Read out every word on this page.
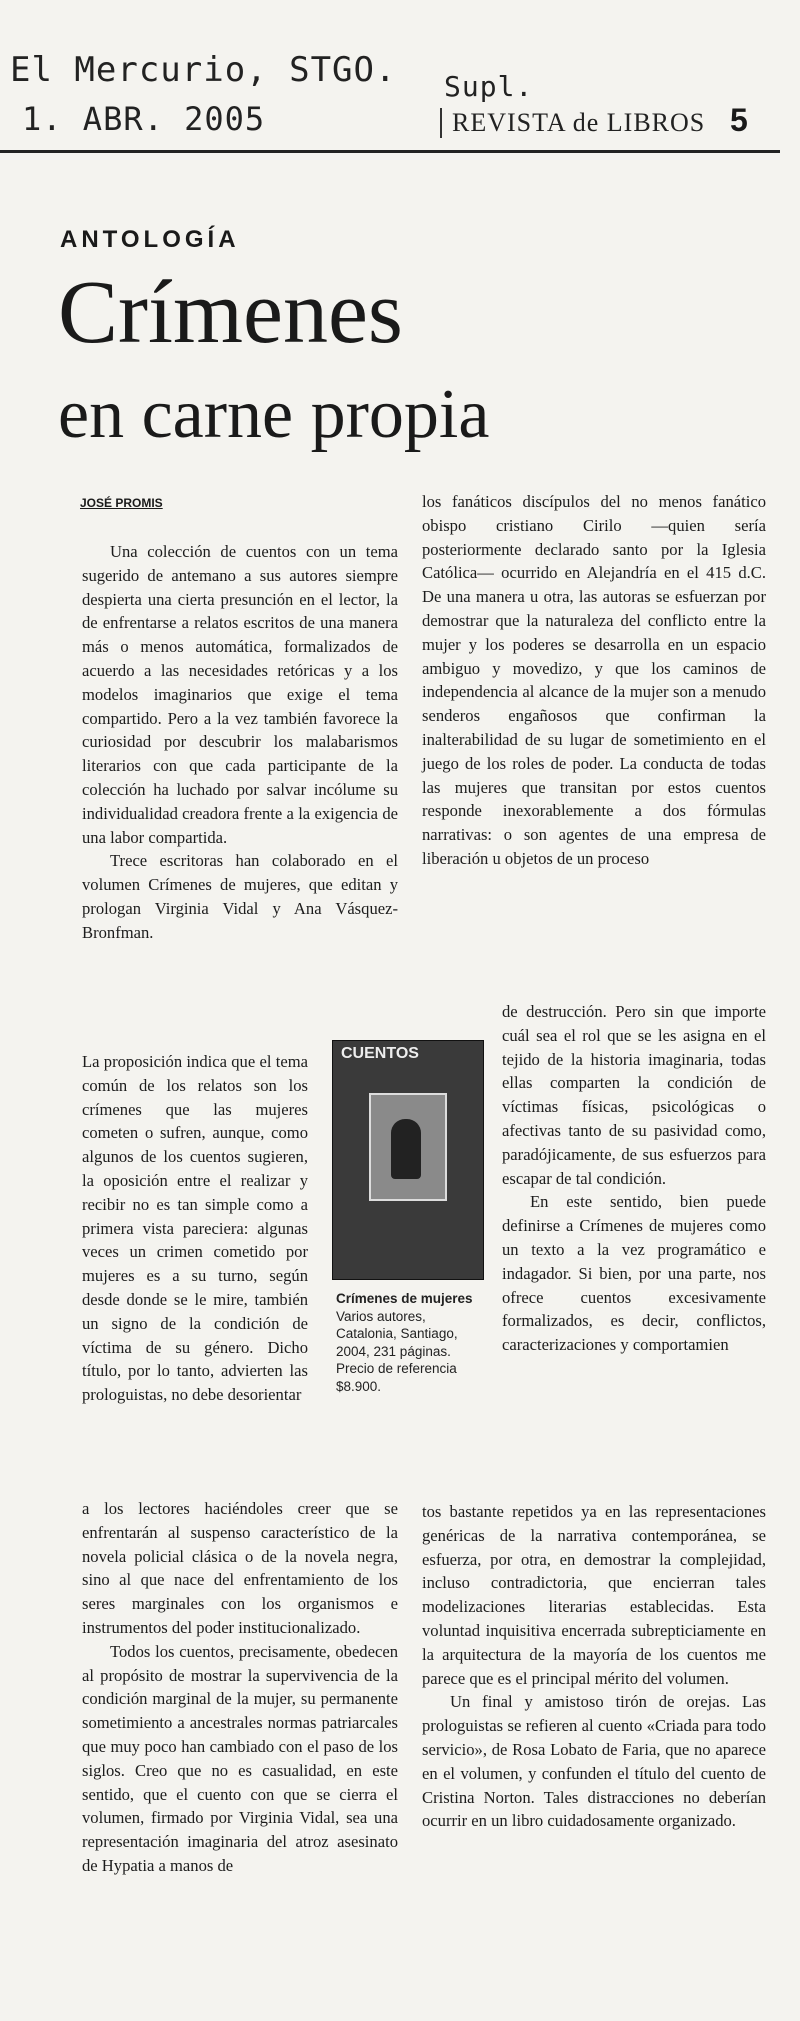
El Mercurio, STGO.
1. ABR. 2005
Supl.
REVISTA de LIBROS 5
ANTOLOGÍA
Crímenes
en carne propia
JOSÉ PROMIS

Una colección de cuentos con un tema sugerido de antemano a sus autores siempre despierta una cierta presunción en el lector, la de enfrentarse a relatos escritos de una manera más o menos automática, formalizados de acuerdo a las necesidades retóricas y a los modelos imaginarios que exige el tema compartido. Pero a la vez también favorece la curiosidad por descubrir los malabarismos literarios con que cada participante de la colección ha luchado por salvar incólume su individualidad creadora frente a la exigencia de una labor compartida.

Trece escritoras han colaborado en el volumen Crímenes de mujeres, que editan y prologan Virginia Vidal y Ana Vásquez-Bronfman.

La proposición indica que el tema común de los relatos son los crímenes que las mujeres cometen o sufren, aunque, como algunos de los cuentos sugieren, la oposición entre el realizar y recibir no es tan simple como a primera vista pareciera: algunas veces un crimen cometido por mujeres es a su turno, según desde donde se le mire, también un signo de la condición de víctima de su género. Dicho título, por lo tanto, advierten las prologuistas, no debe desorientar

a los lectores haciéndoles creer que se enfrentarán al suspenso característico de la novela policial clásica o de la novela negra, sino al que nace del enfrentamiento de los seres marginales con los organismos e instrumentos del poder institucionalizado.

Todos los cuentos, precisamente, obedecen al propósito de mostrar la supervivencia de la condición marginal de la mujer, su permanente sometimiento a ancestrales normas patriarcales que muy poco han cambiado con el paso de los siglos. Creo que no es casualidad, en este sentido, que el cuento con que se cierra el volumen, firmado por Virginia Vidal, sea una representación imaginaria del atroz asesinato de Hypatia a manos de

los fanáticos discípulos del no menos fanático obispo cristiano Cirilo —quien sería posteriormente declarado santo por la Iglesia Católica— ocurrido en Alejandría en el 415 d.C. De una manera u otra, las autoras se esfuerzan por demostrar que la naturaleza del conflicto entre la mujer y los poderes se desarrolla en un espacio ambiguo y movedizo, y que los caminos de independencia al alcance de la mujer son a menudo senderos engañosos que confirman la inalterabilidad de su lugar de sometimiento en el juego de los roles de poder. La conducta de todas las mujeres que transitan por estos cuentos responde inexorablemente a dos fórmulas narrativas: o son agentes de una empresa de liberación u objetos de un proceso

de destrucción. Pero sin que importe cuál sea el rol que se les asigna en el tejido de la historia imaginaria, todas ellas comparten la condición de víctimas físicas, psicológicas o afectivas tanto de su pasividad como, paradójicamente, de sus esfuerzos para escapar de tal condición.

En este sentido, bien puede definirse a Crímenes de mujeres como un texto a la vez programático e indagador. Si bien, por una parte, nos ofrece cuentos excesivamente formalizados, es decir, conflictos, caracterizaciones y comportamien

tos bastante repetidos ya en las representaciones genéricas de la narrativa contemporánea, se esfuerza, por otra, en demostrar la complejidad, incluso contradictoria, que encierran tales modelizaciones literarias establecidas. Esta voluntad inquisitiva encerrada subrepticiamente en la arquitectura de la mayoría de los cuentos me parece que es el principal mérito del volumen.

Un final y amistoso tirón de orejas. Las prologuistas se refieren al cuento «Criada para todo servicio», de Rosa Lobato de Faria, que no aparece en el volumen, y confunden el título del cuento de Cristina Norton. Tales distracciones no deberían ocurrir en un libro cuidadosamente organizado.

CUENTOS
Crímenes de mujeres
Varios autores, Catalonia, Santiago, 2004, 231 páginas. Precio de referencia $8.900.
